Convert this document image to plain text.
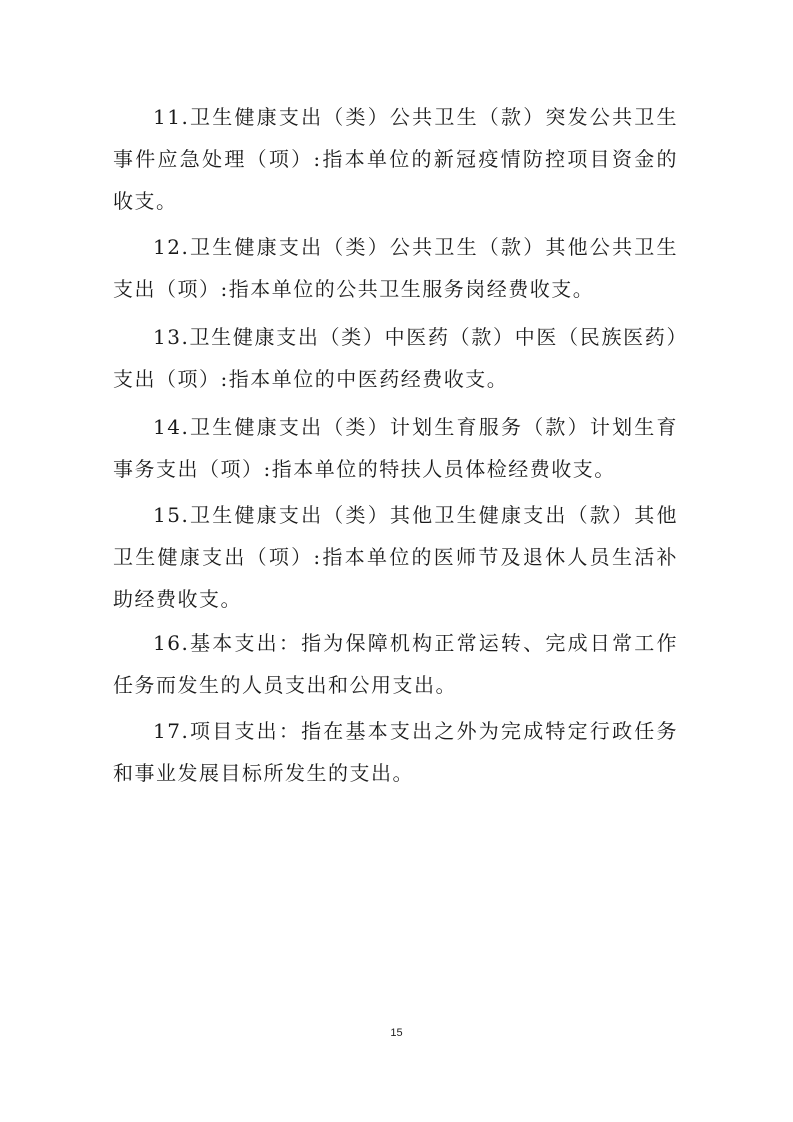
11.卫生健康支出（类）公共卫生（款）突发公共卫生事件应急处理（项）:指本单位的新冠疫情防控项目资金的收支。

12.卫生健康支出（类）公共卫生（款）其他公共卫生支出（项）:指本单位的公共卫生服务岗经费收支。

13.卫生健康支出（类）中医药（款）中医（民族医药）支出（项）:指本单位的中医药经费收支。

14.卫生健康支出（类）计划生育服务（款）计划生育事务支出（项）:指本单位的特扶人员体检经费收支。

15.卫生健康支出（类）其他卫生健康支出（款）其他卫生健康支出（项）:指本单位的医师节及退休人员生活补助经费收支。

16.基本支出：指为保障机构正常运转、完成日常工作任务而发生的人员支出和公用支出。

17.项目支出：指在基本支出之外为完成特定行政任务和事业发展目标所发生的支出。

15
